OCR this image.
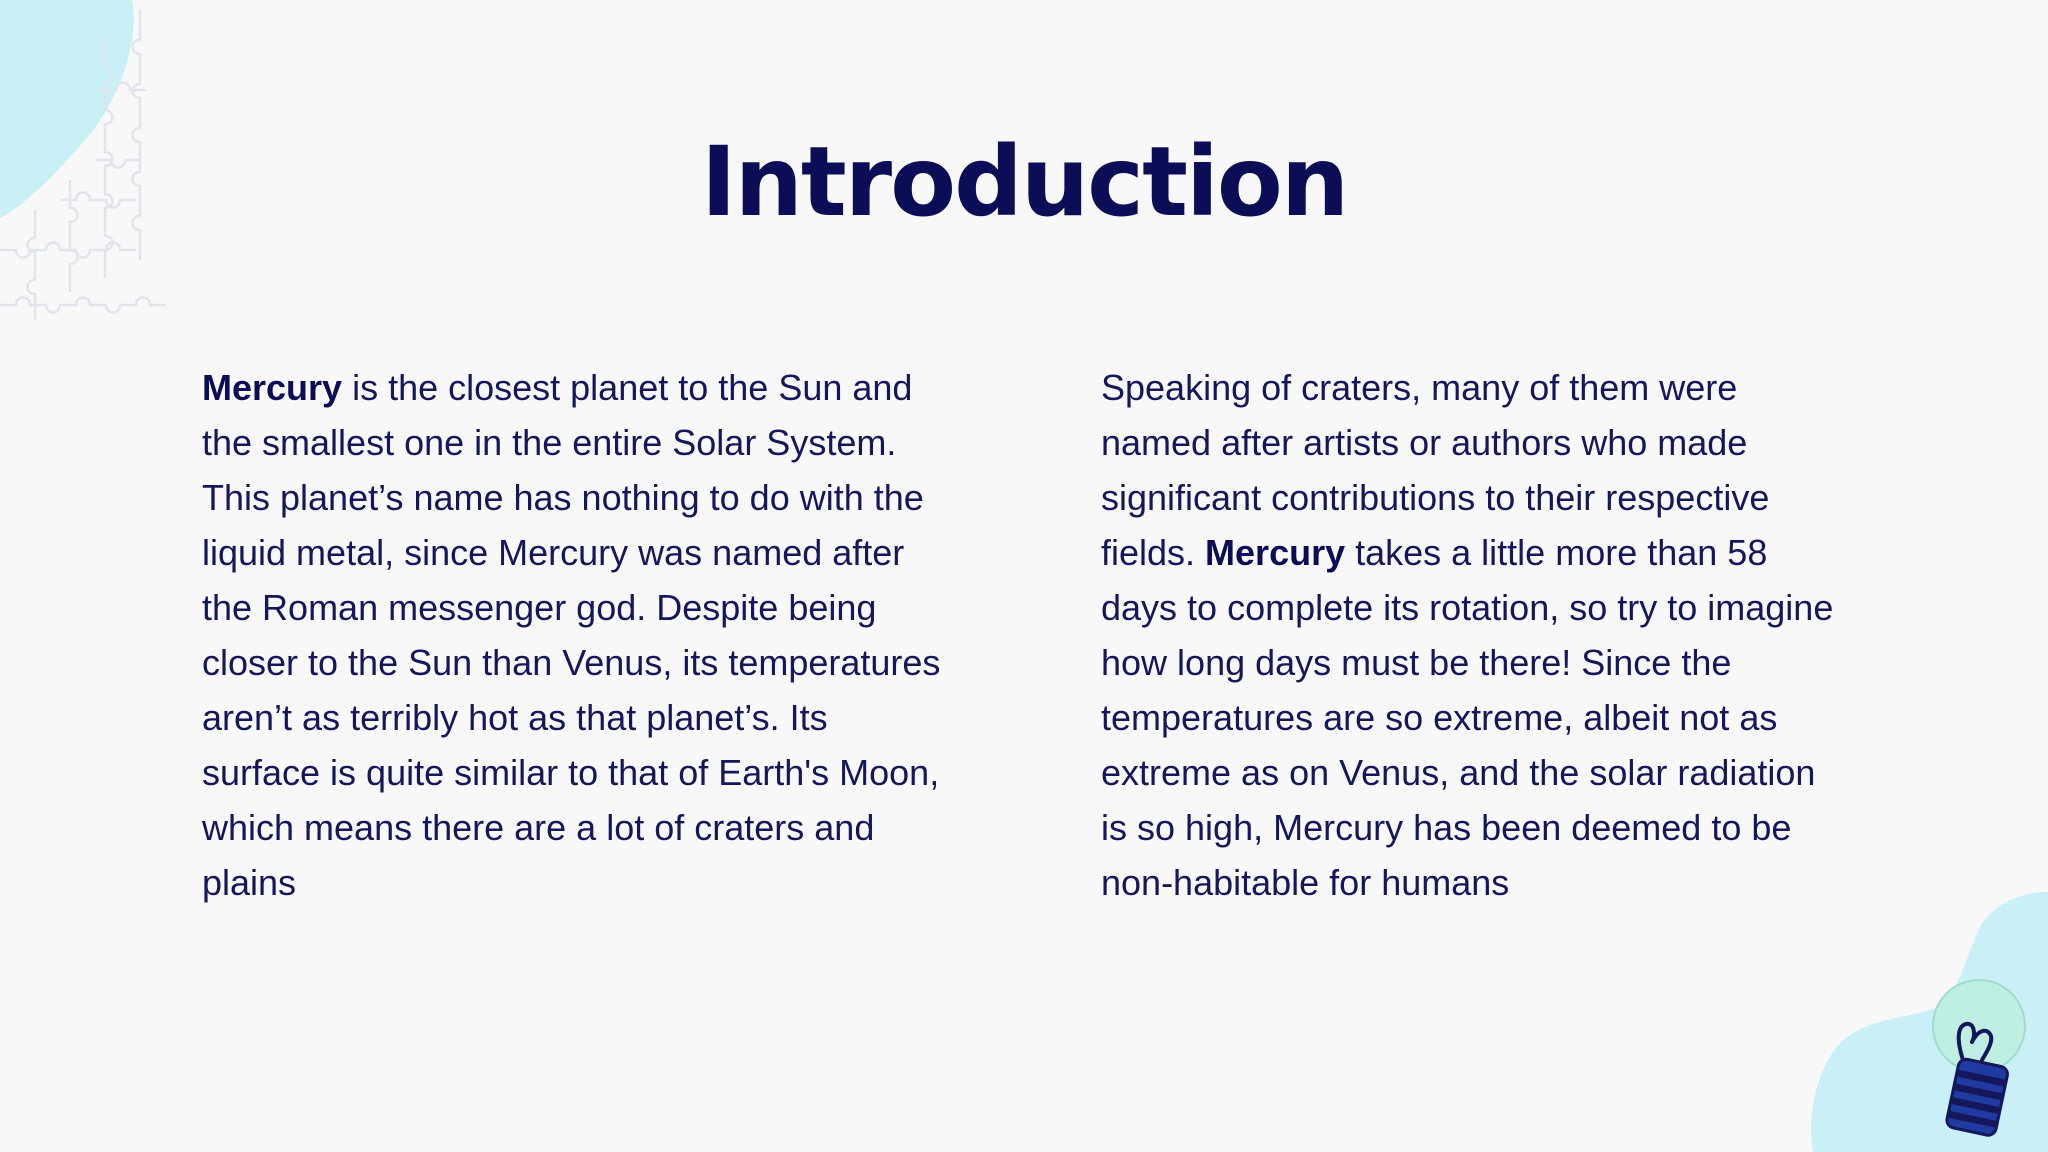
Introduction

Mercury is the closest planet to the Sun and the smallest one in the entire Solar System. This planet’s name has nothing to do with the liquid metal, since Mercury was named after the Roman messenger god. Despite being closer to the Sun than Venus, its temperatures aren’t as terribly hot as that planet’s. Its surface is quite similar to that of Earth's Moon, which means there are a lot of craters and plains

Speaking of craters, many of them were named after artists or authors who made significant contributions to their respective fields. Mercury takes a little more than 58 days to complete its rotation, so try to imagine how long days must be there! Since the temperatures are so extreme, albeit not as extreme as on Venus, and the solar radiation is so high, Mercury has been deemed to be non-habitable for humans
